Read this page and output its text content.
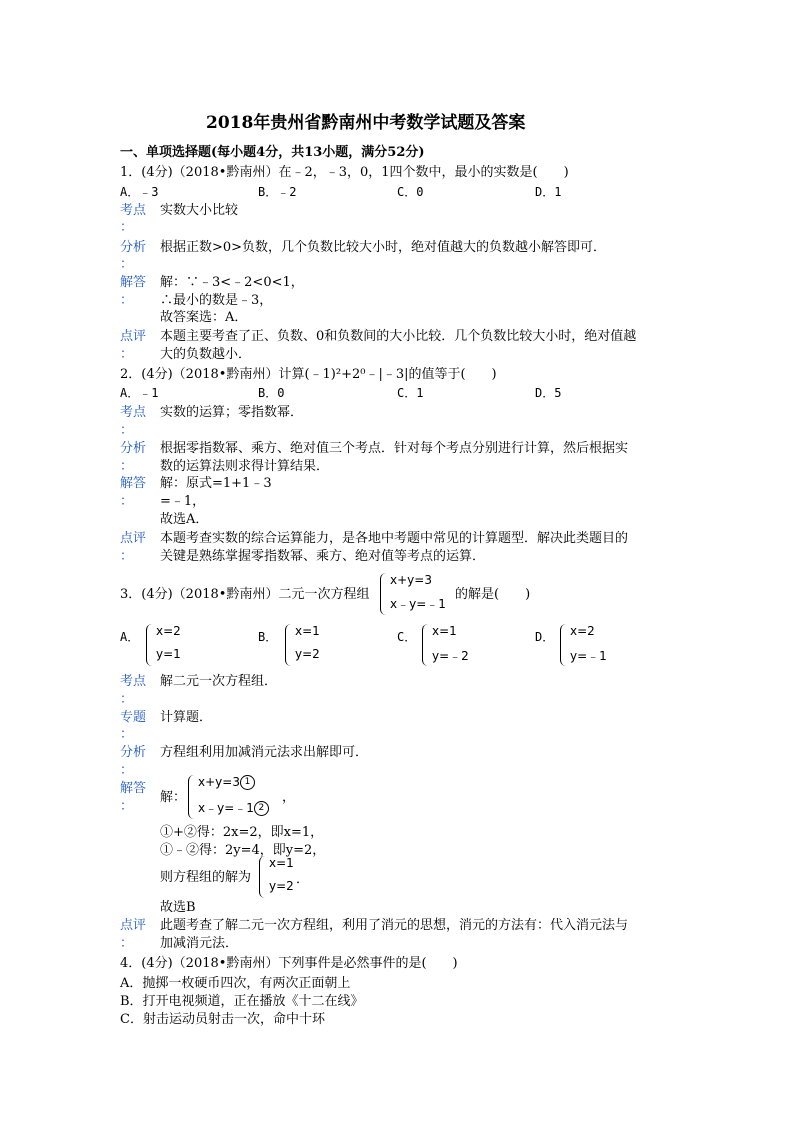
2018年贵州省黔南州中考数学试题及答案
一、单项选择题(每小题4分，共13小题，满分52分)
1．(4分)（2018•黔南州）在﹣2，﹣3，0，1四个数中，最小的实数是(　　)
A．﹣3	B．﹣2	C．0	D．1
考点 实数大小比较
：
分析 根据正数>0>负数，几个负数比较大小时，绝对值越大的负数越小解答即可．
：
解答 解：∵﹣3<﹣2<0<1，
： ∴最小的数是﹣3，
故答案选：A．
点评 本题主要考查了正、负数、0和负数间的大小比较．几个负数比较大小时，绝对值越
： 大的负数越小．
2．(4分)（2018•黔南州）计算(﹣1)²+2⁰﹣|﹣3|的值等于(　　)
A．﹣1	B．0	C．1	D．5
考点 实数的运算；零指数幂．
：
分析 根据零指数幂、乘方、绝对值三个考点．针对每个考点分别进行计算，然后根据实
： 数的运算法则求得计算结果．
解答 解：原式=1+1﹣3
： =﹣1，
故选A．
点评 本题考查实数的综合运算能力，是各地中考题中常见的计算题型．解决此类题目的
： 关键是熟练掌握零指数幂、乘方、绝对值等考点的运算．
3．(4分)（2018•黔南州）二元一次方程组
x+y=3
x﹣y=﹣1
的解是(　　)
A． x=2
y=1
B． x=1
y=2
C． x=1
y=﹣2
D． x=2
y=﹣1
考点 解二元一次方程组．
：
专题 计算题．
：
分析 方程组利用加减消元法求出解即可．
：
解答
：
解：
x+y=3 1
x﹣y=﹣1 2
，
①+②得：2x=2，即x=1，
①﹣②得：2y=4，即y=2，
则方程组的解为
x=1
y=2 ．
故选B
点评 此题考查了解二元一次方程组，利用了消元的思想，消元的方法有：代入消元法与
： 加减消元法．
4．(4分)（2018•黔南州）下列事件是必然事件的是(　　)
A．抛掷一枚硬币四次，有两次正面朝上
B．打开电视频道，正在播放《十二在线》
C．射击运动员射击一次，命中十环
